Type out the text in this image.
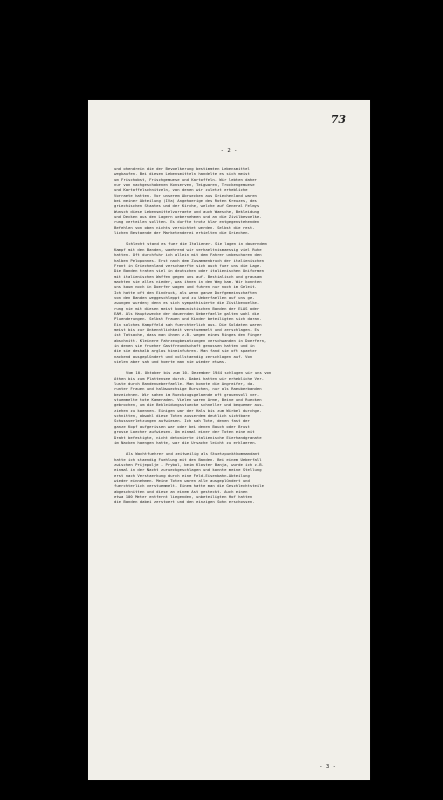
73
- 2 -

und ohendrein die der Bevoelkerung bestimmten Lebensmittel
wegkaufen. Bei diesen Lebensmitteln handelte es sich meist
um Frischobst, Frischgemuese und Kartoffeln. Wir lebten daher
nur von nachgeschobenen Konserven, Teigwaren, Trockengemuese
und Kartoffelschnitzeln, von denen wir zuletzt erhebliche
Vorraete hatten. Vor unserem Abruecken aus Griechenland waren
bei meiner Abteilung (IVa) Angehoerige des Roten Kreuzes, des
griechischen Staates und der Kirche, welche auf General Felmys
Wunsch diese Lebensmittelvorraete und auch Waesche, Bekleidung
und Decken aus den Lagern uebernehmen und an die Zivilbevoelke-
rung verteilen sollten. Es durfte trotz klar entgegenstehenden
Befehlen von oben nichts vernichtet werden. Selbst die rest-
lichen Bestaende der Marketenderei erhielten die Griechen.

Schlecht stand es fuer die Italiener. Sie lagen in dauerndem
Kampf mit den Banden, waehrend wir verhaeltnismaessig viel Ruhe
hatten. Oft durchfuhr ich allein mit dem Fahrer unbeschoren den
halben Peloponnes. Erst nach dem Zusammenbruch der italienischen
Front in Griechenland verschaerfte sich auch fuer uns die Lage.
Die Banden traten viel in deutschen oder italienischen Uniformen
mit italienischen Waffen gegen uns auf. Bestialisch und grausam
machten sie alles nieder, was ihnen in den Weg kam. Wir konnten
uns kaum noch in Doerfer wagen und fuhren nur noch im Geleit.
Ich hatte oft den Eindruck, als wenn ganze Dorfgemeinschaften
von den Banden weggeschleppt und zu Ueberfaellen auf uns ge-
zwungen wurden; denn es sich sympathisierte die Zivilbevoelke-
rung nie mit diesen meist kommunistischen Banden der ELAS oder
EAM. Als Hauptzwecke der dauernden Ueberfaelle galten wohl die
Pluenderungen. Selbst Frauen und Kinder beteiligten sich daran.
Ein solches Kampffeld sah fuerchterlich aus. Die Soldaten waren
meist bis zur Unkenntlichkeit verstuemmelt und zerschlagen. Es
ist Tatsache, dass man ihnen z.B. wegen eines Ringes den Finger
abschnitt. Kleinere Fahrzeugbesatzungen verschwanden in Doerfern,
in denen sie frueher Gastfreundschaft genossen hatten und in
die sie deshalb arglos hineinfuhren. Man fand sie oft spaeter
nackend ausgeplündert und vollstaendig zerschlagen auf. Von
vielen aber sah und hoerte man nie wieder etwas.

Vom 10. Oktober bis zum 10. Dezember 1944 schlugen wir uns von
Athen bis zum Plattensee durch. Dabei hatten wir erhebliche Ver-
luste durch Bandenueberfaelle. Man konnte die Angreifer, da-
runter Frauen und halbwuechsige Burschen, nur als Raeuberbanden
bezeichnen. Wir sahen im Rueckzugsgelaende oft grauenvoll ver-
stuemmelte tote Kameraden. Vielen waren Arme, Beine und Ruecken
gebrochen, um die Bekleidungsstuecke schneller und bequemer aus-
ziehen zu koennen. Einigen war der Hals bis zum Wirbel durchge-
schnitten, obwohl diese Toten ausserdem deutlich sichtbare
Schussverletzungen aufwiesen. Ich sah Tote, denen fast der
ganze Kopf aufgerissen war oder bei denen Bauch oder Brust
grosse Loecher aufwiesen. Um einmal einer der Toten eine mit
Draht befestigte, nicht detonierte italienische Eierhandgranate
im Nacken haengen hatte, war die Ursache leicht zu erklaeren.

Als Wachtfuehrer und zeitweilig als Stuetzpunktkommandant
hatte ich staendig Fuehlung mit den Banden. Bei einem Ueberfall
zwischen Prijepolje - Prybol, beim Kloster Banja, wurde ich z.B.
einmal in der Nacht zurueckgeschlagen und konnte meine Stellung
erst nach Verstaerkung durch eine Feld-Eisenbahn-Abteilung
wieder einnehmen. Meine Toten waren alle ausgeplündert und
fuerchterlich verstuemmelt. Einem hatte man die Geschlechtsteile
abgeschnitten und diese an einem Ast gesteckt. Auch einen
etwa 100 Meter entfernt liegenden, unbeteiligten Hof hatten
die Banden dabei zerstoert und den einzigen Sohn erschossen.

- 3 -
